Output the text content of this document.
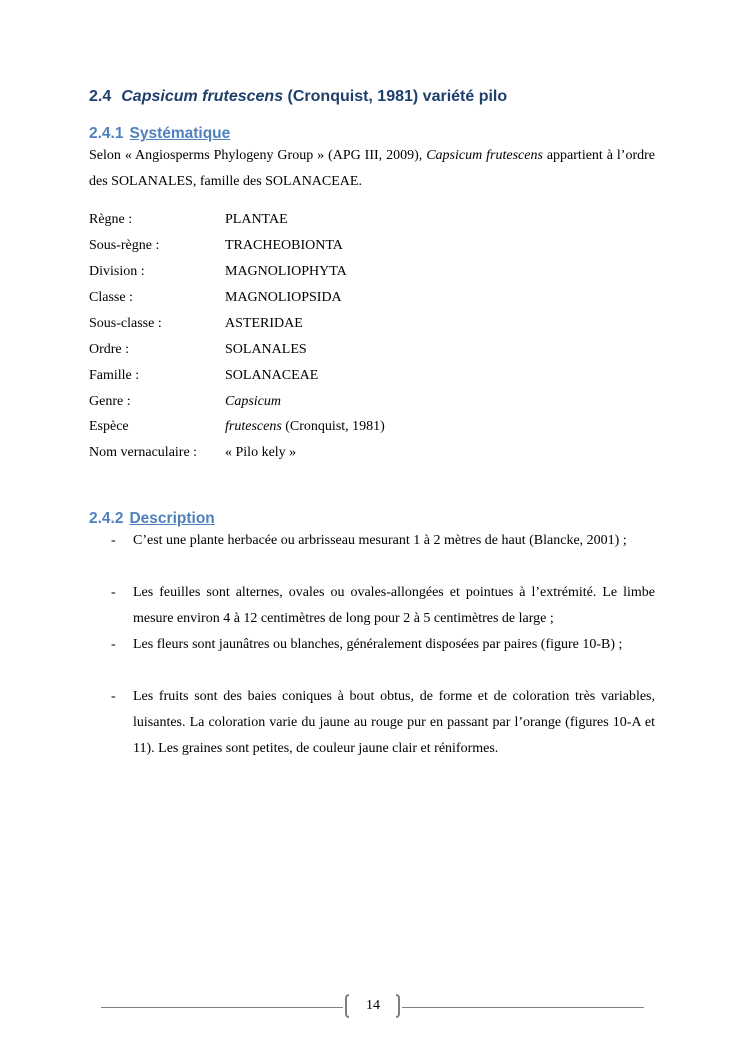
2.4 Capsicum frutescens (Cronquist, 1981) variété pilo
2.4.1 Systématique
Selon « Angiosperms Phylogeny Group » (APG III, 2009), Capsicum frutescens appartient à l’ordre des SOLANALES, famille des SOLANACEAE.
Règne :	PLANTAE
Sous-règne :	TRACHEOBIONTA
Division :	MAGNOLIOPHYTA
Classe :	MAGNOLIOPSIDA
Sous-classe :	ASTERIDAE
Ordre :	SOLANALES
Famille :	SOLANACEAE
Genre :	Capsicum
Espèce	frutescens (Cronquist, 1981)
Nom vernaculaire : « Pilo kely »
2.4.2 Description
- C’est une plante herbacée ou arbrisseau mesurant 1 à 2 mètres de haut (Blancke, 2001) ;
- Les feuilles sont alternes, ovales ou ovales-allongées et pointues à l’extrémité. Le limbe mesure environ 4 à 12 centimètres de long pour 2 à 5 centimètres de large ;
- Les fleurs sont jaunâtres ou blanches, généralement disposées par paires (figure 10-B) ;
- Les fruits sont des baies coniques à bout obtus, de forme et de coloration très variables, luisantes. La coloration varie du jaune au rouge pur en passant par l’orange (figures 10-A et 11). Les graines sont petites, de couleur jaune clair et réniformes.
14
